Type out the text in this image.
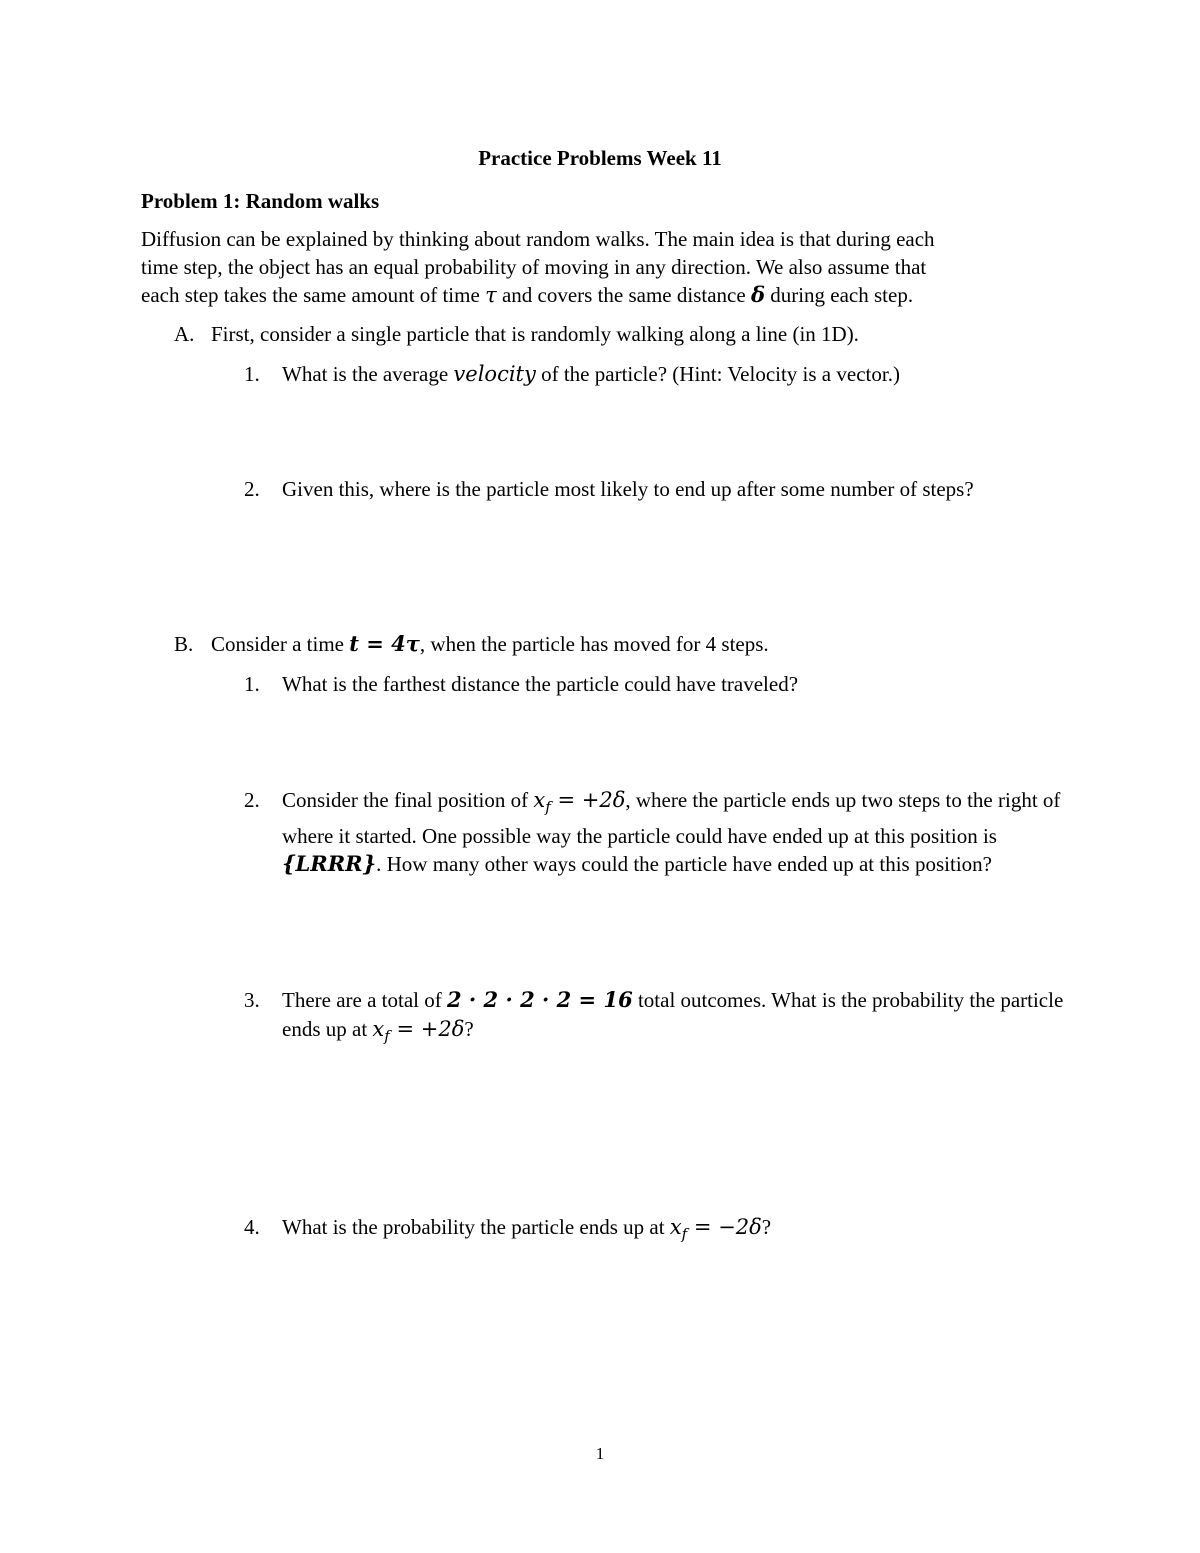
Practice Problems Week 11
Problem 1: Random walks

Diffusion can be explained by thinking about random walks. The main idea is that during each

time step, the object has an equal probability of moving in any direction. We also assume that

each step takes the same amount of time τ and covers the same distance δ during each step.

A. First, consider a single particle that is randomly walking along a line (in 1D).
1.	What is the average velocity of the particle? (Hint: Velocity is a vector.)
2.	Given this, where is the particle most likely to end up after some number of steps?
B. Consider a time t = 4τ, when the particle has moved for 4 steps.
1.	What is the farthest distance the particle could have traveled?
2.	Consider the final position of $x_f = +2\delta$, where the particle ends up two steps to the right of where it started. One possible way the particle could have ended up at this position is {LRRR}. How many other ways could the particle have ended up at this position?
3.	There are a total of 2 · 2 · 2 · 2 = 16 total outcomes. What is the probability the particle ends up at $x_f = +2\delta$?
4.	What is the probability the particle ends up at $x_f = -2\delta$?
1
